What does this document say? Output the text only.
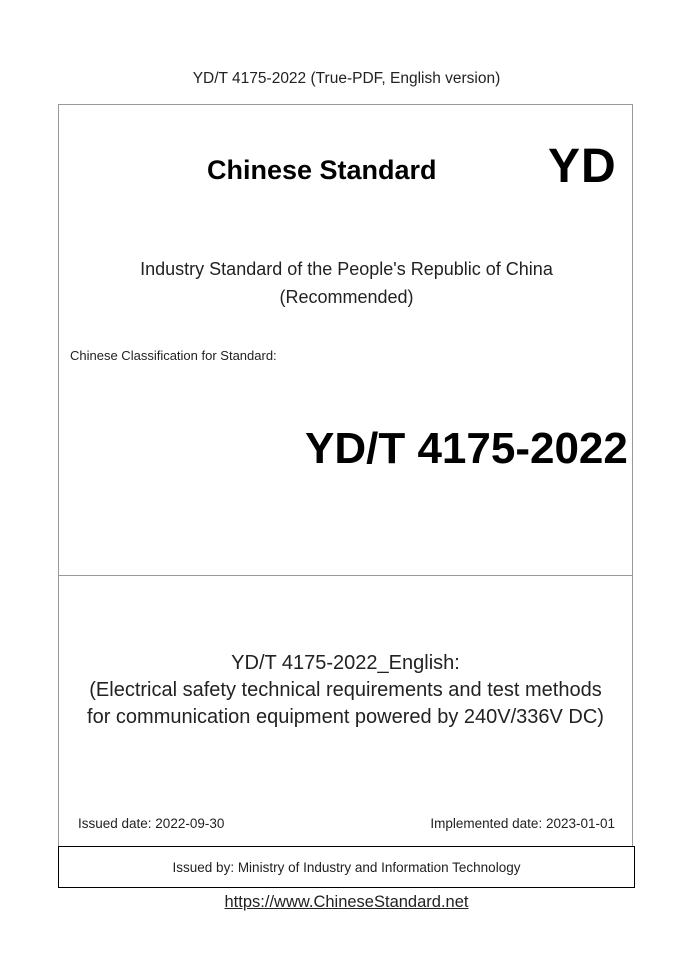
YD/T 4175-2022 (True-PDF, English version)
Chinese Standard YD
Industry Standard of the People's Republic of China
(Recommended)
Chinese Classification for Standard:
YD/T 4175-2022
YD/T 4175-2022_English:
(Electrical safety technical requirements and test methods
for communication equipment powered by 240V/336V DC)
Issued date: 2022-09-30	Implemented date: 2023-01-01
Issued by: Ministry of Industry and Information Technology
https://www.ChineseStandard.net
